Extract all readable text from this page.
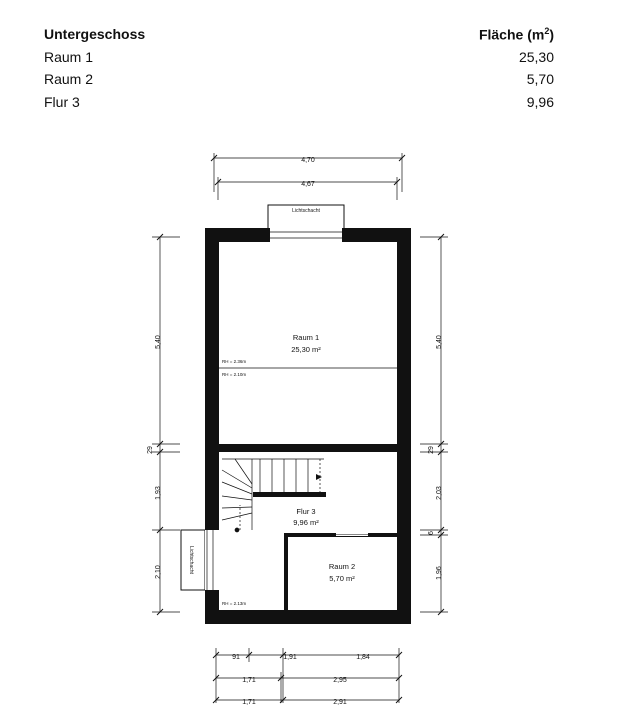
Untergeschoss	Fläche $(m^2)$
Raum 1	25,30
Raum 2	5,70
Flur 3	9,96
Lichtschacht
Lichtschacht
Raum 1
25,30 m²
Flur 3
9,96 m²
Raum 2
5,70 m²
RH = 2.36m
RH = 2.10m
RH = 2.13m
4,70
4,67
5,40
29
1,93
2,10
5,40
29
2,03
6
1,96
91	1,91	1,84
1,71	2,95
1,71	2,91
